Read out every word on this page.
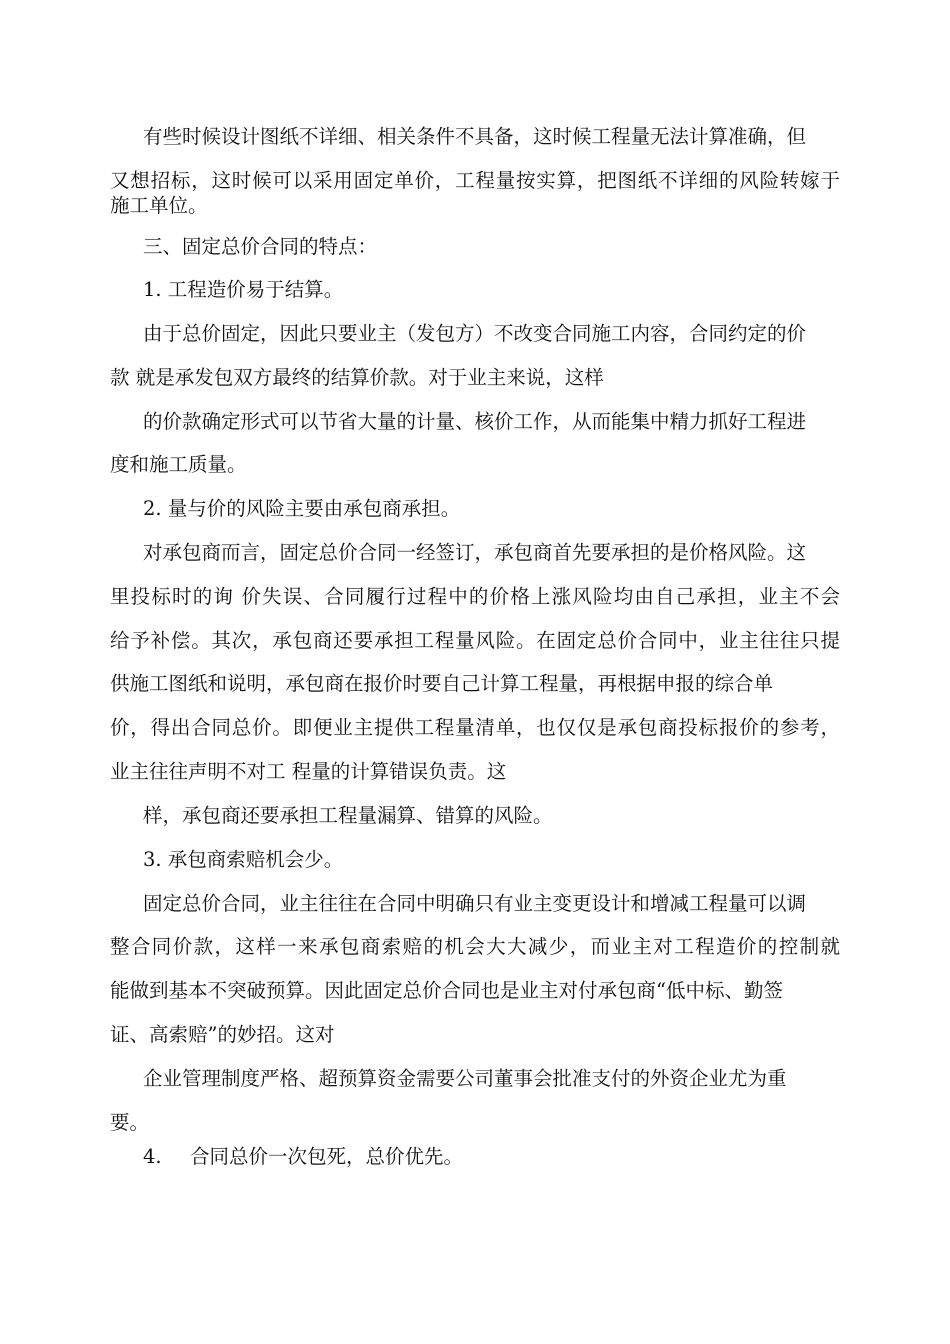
有些时候设计图纸不详细、相关条件不具备，这时候工程量无法计算准确，但

又想招标，这时候可以采用固定单价，工程量按实算，把图纸不详细的风险转嫁于

施工单位。

三、固定总价合同的特点：

1. 工程造价易于结算。

由于总价固定，因此只要业主（发包方）不改变合同施工内容，合同约定的价

款 就是承发包双方最终的结算价款。对于业主来说，这样

的价款确定形式可以节省大量的计量、核价工作，从而能集中精力抓好工程进

度和施工质量。

2. 量与价的风险主要由承包商承担。

对承包商而言，固定总价合同一经签订，承包商首先要承担的是价格风险。这

里投标时的询 价失误、合同履行过程中的价格上涨风险均由自己承担，业主不会

给予补偿。其次，承包商还要承担工程量风险。在固定总价合同中，业主往往只提

供施工图纸和说明，承包商在报价时要自己计算工程量，再根据申报的综合单

价，得出合同总价。即便业主提供工程量清单，也仅仅是承包商投标报价的参考，

业主往往声明不对工 程量的计算错误负责。这

样，承包商还要承担工程量漏算、错算的风险。

3. 承包商索赔机会少。

固定总价合同，业主往往在合同中明确只有业主变更设计和增减工程量可以调

整合同价款，这样一来承包商索赔的机会大大减少，而业主对工程造价的控制就

能做到基本不突破预算。因此固定总价合同也是业主对付承包商“低中标、勤签

证、高索赔”的妙招。这对

企业管理制度严格、超预算资金需要公司董事会批准支付的外资企业尤为重

要。

4. 合同总价一次包死，总价优先。
